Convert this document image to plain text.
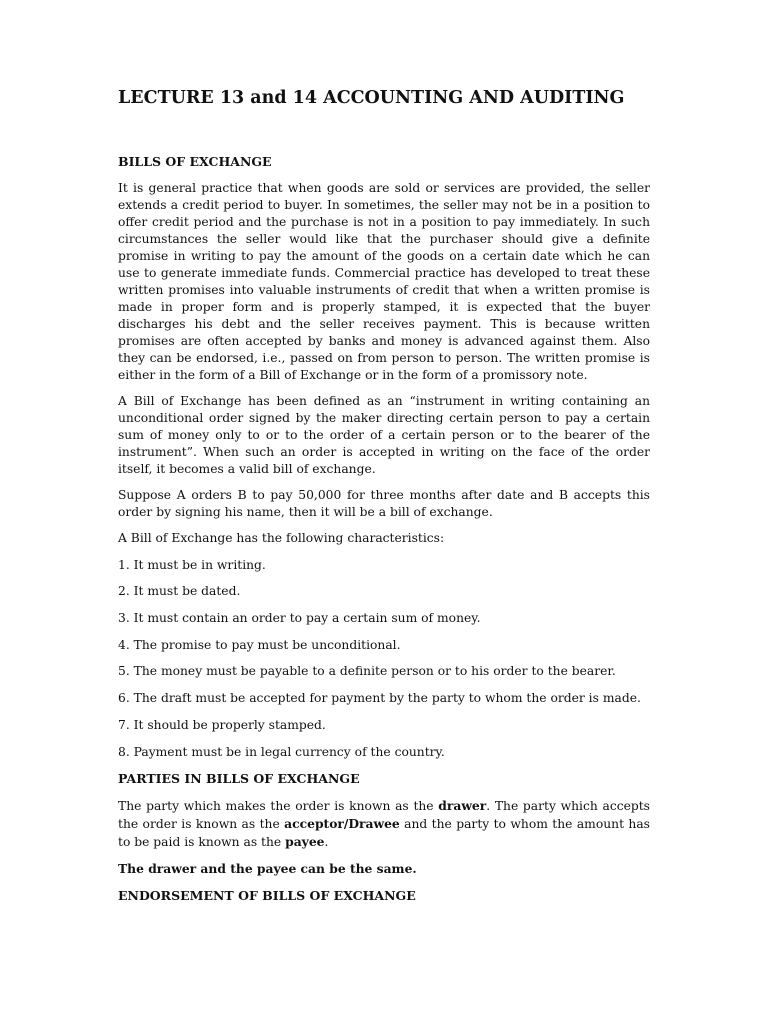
LECTURE 13 and 14 ACCOUNTING AND AUDITING
BILLS OF EXCHANGE

It is general practice that when goods are sold or services are provided, the seller extends a credit period to buyer. In sometimes, the seller may not be in a position to offer credit period and the purchase is not in a position to pay immediately. In such circumstances the seller would like that the purchaser should give a definite promise in writing to pay the amount of the goods on a certain date which he can use to generate immediate funds. Commercial practice has developed to treat these written promises into valuable instruments of credit that when a written promise is made in proper form and is properly stamped, it is expected that the buyer discharges his debt and the seller receives payment. This is because written promises are often accepted by banks and money is advanced against them. Also they can be endorsed, i.e., passed on from person to person. The written promise is either in the form of a Bill of Exchange or in the form of a promissory note.

A Bill of Exchange has been defined as an “instrument in writing containing an unconditional order signed by the maker directing certain person to pay a certain sum of money only to or to the order of a certain person or to the bearer of the instrument”. When such an order is accepted in writing on the face of the order itself, it becomes a valid bill of exchange.

Suppose A orders B to pay 50,000 for three months after date and B accepts this order by signing his name, then it will be a bill of exchange.

A Bill of Exchange has the following characteristics:

1. It must be in writing.
2. It must be dated.
3. It must contain an order to pay a certain sum of money.
4. The promise to pay must be unconditional.
5. The money must be payable to a definite person or to his order to the bearer.
6. The draft must be accepted for payment by the party to whom the order is made.
7. It should be properly stamped.
8. Payment must be in legal currency of the country.
PARTIES IN BILLS OF EXCHANGE

The party which makes the order is known as the drawer. The party which accepts the order is known as the acceptor/Drawee and the party to whom the amount has to be paid is known as the payee.

The drawer and the payee can be the same.
ENDORSEMENT OF BILLS OF EXCHANGE
